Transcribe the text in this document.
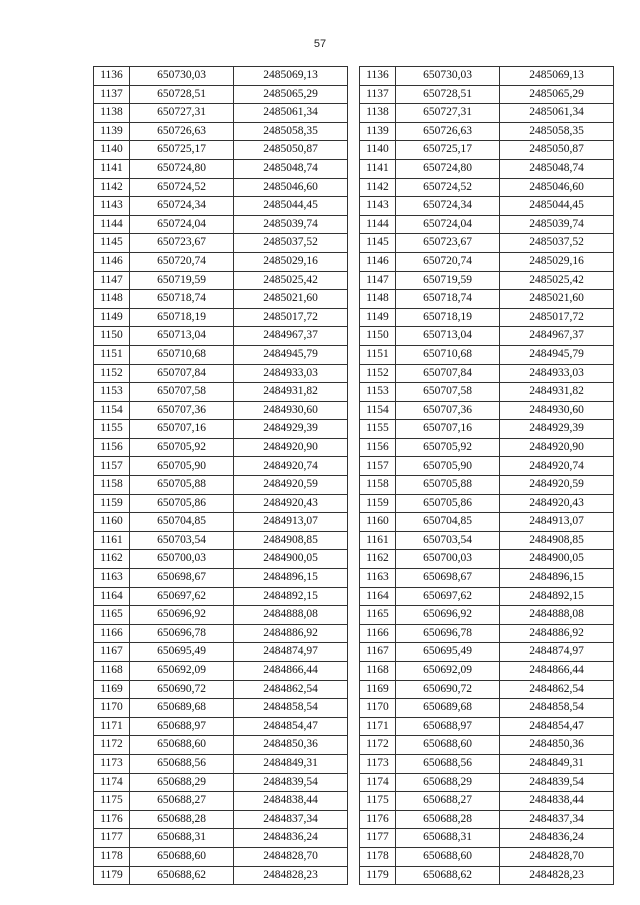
57
1136	650730,03	2485069,13
1137	650728,51	2485065,29
1138	650727,31	2485061,34
1139	650726,63	2485058,35
1140	650725,17	2485050,87
1141	650724,80	2485048,74
1142	650724,52	2485046,60
1143	650724,34	2485044,45
1144	650724,04	2485039,74
1145	650723,67	2485037,52
1146	650720,74	2485029,16
1147	650719,59	2485025,42
1148	650718,74	2485021,60
1149	650718,19	2485017,72
1150	650713,04	2484967,37
1151	650710,68	2484945,79
1152	650707,84	2484933,03
1153	650707,58	2484931,82
1154	650707,36	2484930,60
1155	650707,16	2484929,39
1156	650705,92	2484920,90
1157	650705,90	2484920,74
1158	650705,88	2484920,59
1159	650705,86	2484920,43
1160	650704,85	2484913,07
1161	650703,54	2484908,85
1162	650700,03	2484900,05
1163	650698,67	2484896,15
1164	650697,62	2484892,15
1165	650696,92	2484888,08
1166	650696,78	2484886,92
1167	650695,49	2484874,97
1168	650692,09	2484866,44
1169	650690,72	2484862,54
1170	650689,68	2484858,54
1171	650688,97	2484854,47
1172	650688,60	2484850,36
1173	650688,56	2484849,31
1174	650688,29	2484839,54
1175	650688,27	2484838,44
1176	650688,28	2484837,34
1177	650688,31	2484836,24
1178	650688,60	2484828,70
1179	650688,62	2484828,23
1136	650730,03	2485069,13
1137	650728,51	2485065,29
1138	650727,31	2485061,34
1139	650726,63	2485058,35
1140	650725,17	2485050,87
1141	650724,80	2485048,74
1142	650724,52	2485046,60
1143	650724,34	2485044,45
1144	650724,04	2485039,74
1145	650723,67	2485037,52
1146	650720,74	2485029,16
1147	650719,59	2485025,42
1148	650718,74	2485021,60
1149	650718,19	2485017,72
1150	650713,04	2484967,37
1151	650710,68	2484945,79
1152	650707,84	2484933,03
1153	650707,58	2484931,82
1154	650707,36	2484930,60
1155	650707,16	2484929,39
1156	650705,92	2484920,90
1157	650705,90	2484920,74
1158	650705,88	2484920,59
1159	650705,86	2484920,43
1160	650704,85	2484913,07
1161	650703,54	2484908,85
1162	650700,03	2484900,05
1163	650698,67	2484896,15
1164	650697,62	2484892,15
1165	650696,92	2484888,08
1166	650696,78	2484886,92
1167	650695,49	2484874,97
1168	650692,09	2484866,44
1169	650690,72	2484862,54
1170	650689,68	2484858,54
1171	650688,97	2484854,47
1172	650688,60	2484850,36
1173	650688,56	2484849,31
1174	650688,29	2484839,54
1175	650688,27	2484838,44
1176	650688,28	2484837,34
1177	650688,31	2484836,24
1178	650688,60	2484828,70
1179	650688,62	2484828,23
